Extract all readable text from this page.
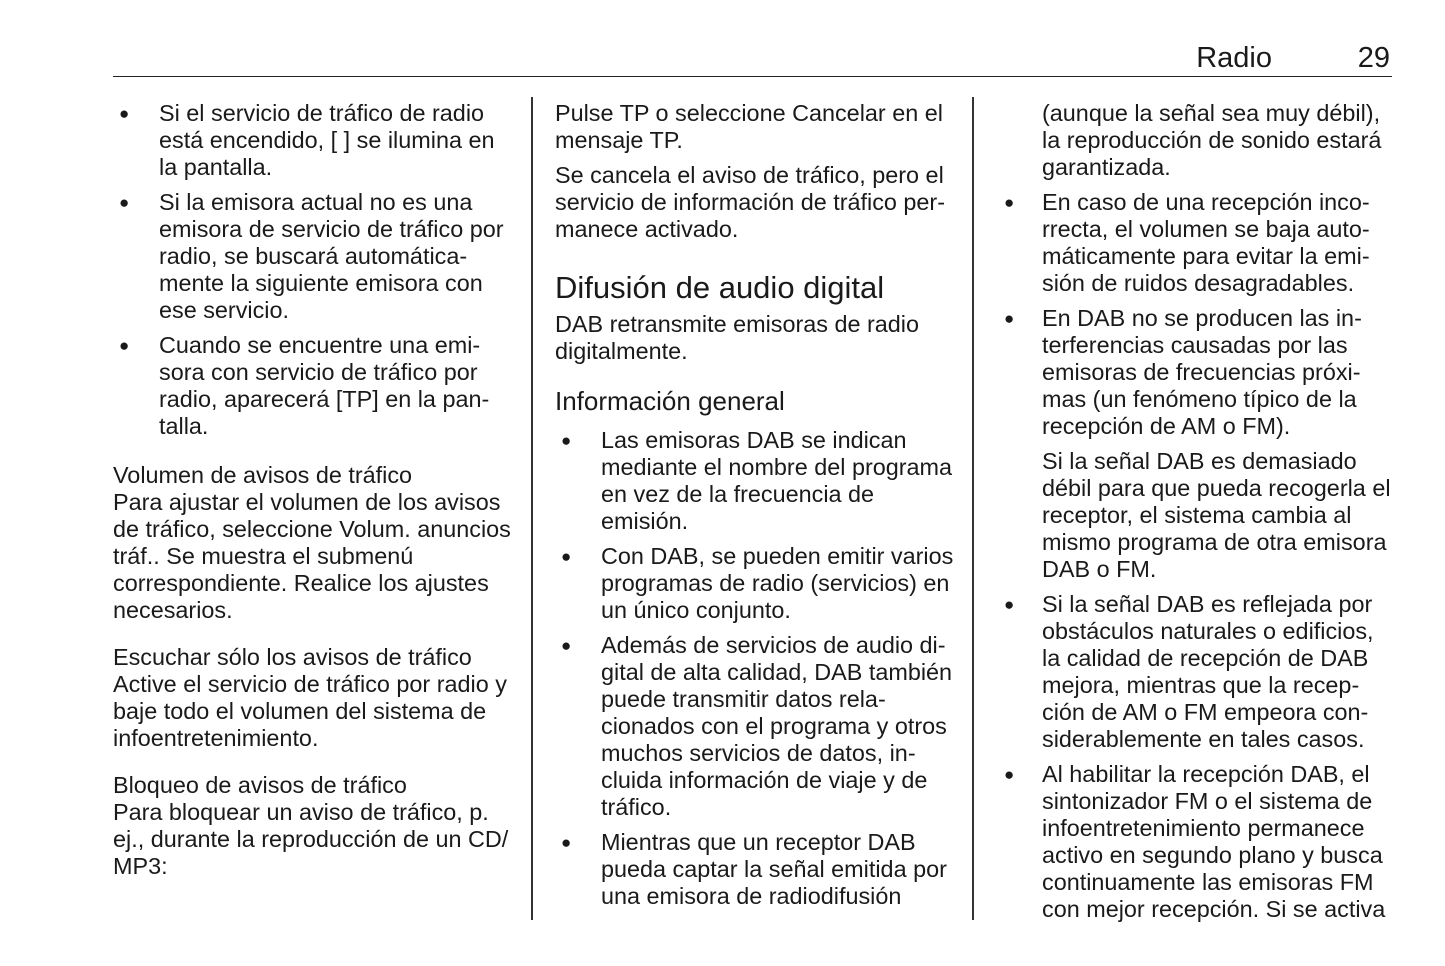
Radio	29
● Si el servicio de tráfico de radio está encendido, [ ] se ilumina en la pantalla.
● Si la emisora actual no es una emisora de servicio de tráfico por radio, se buscará automáticamente la siguiente emisora con ese servicio.
● Cuando se encuentre una emisora con servicio de tráfico por radio, aparecerá [TP] en la pantalla.
Volumen de avisos de tráfico

Para ajustar el volumen de los avisos de tráfico, seleccione Volum. anuncios tráf.. Se muestra el submenú correspondiente. Realice los ajustes necesarios.

Escuchar sólo los avisos de tráfico

Active el servicio de tráfico por radio y baje todo el volumen del sistema de infoentretenimiento.

Bloqueo de avisos de tráfico

Para bloquear un aviso de tráfico, p. ej., durante la reproducción de un CD/ MP3:

Pulse TP o seleccione Cancelar en el mensaje TP.

Se cancela el aviso de tráfico, pero el servicio de información de tráfico permanece activado.

Difusión de audio digital

DAB retransmite emisoras de radio digitalmente.

Información general
● Las emisoras DAB se indican mediante el nombre del programa en vez de la frecuencia de emisión.
● Con DAB, se pueden emitir varios programas de radio (servicios) en un único conjunto.
● Además de servicios de audio digital de alta calidad, DAB también puede transmitir datos relacionados con el programa y otros muchos servicios de datos, incluida información de viaje y de tráfico.
● Mientras que un receptor DAB pueda captar la señal emitida por una emisora de radiodifusión

(aunque la señal sea muy débil), la reproducción de sonido estará garantizada.

● En caso de una recepción incorrecta, el volumen se baja automáticamente para evitar la emisión de ruidos desagradables.
● En DAB no se producen las interferencias causadas por las emisoras de frecuencias próximas (un fenómeno típico de la recepción de AM o FM).
Si la señal DAB es demasiado débil para que pueda recogerla el receptor, el sistema cambia al mismo programa de otra emisora DAB o FM.
● Si la señal DAB es reflejada por obstáculos naturales o edificios, la calidad de recepción de DAB mejora, mientras que la recepción de AM o FM empeora considerablemente en tales casos.
● Al habilitar la recepción DAB, el sintonizador FM o el sistema de infoentretenimiento permanece activo en segundo plano y busca continuamente las emisoras FM con mejor recepción. Si se activa
